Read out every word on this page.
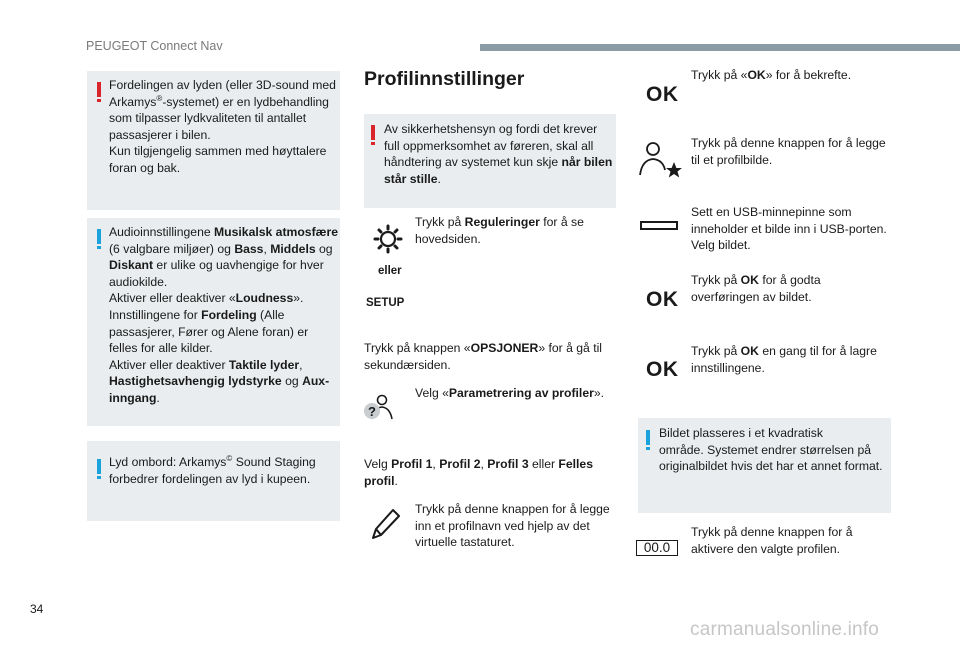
PEUGEOT Connect Nav

Fordelingen av lyden (eller 3D-sound med
Arkamys®-systemet) er en lydbehandling
som tilpasser lydkvaliteten til antallet
passasjerer i bilen.
Kun tilgjengelig sammen med høyttalere
foran og bak.

Audioinnstillingene Musikalsk atmosfære
(6 valgbare miljøer) og Bass, Middels og
Diskant er ulike og uavhengige for hver
audiokilde.
Aktiver eller deaktiver «Loudness».
Innstillingene for Fordeling (Alle
passasjerer, Fører og Alene foran) er
felles for alle kilder.
Aktiver eller deaktiver Taktile lyder,
Hastighetsavhengig lydstyrke og Aux-
inngang.

Lyd ombord: Arkamys© Sound Staging
forbedrer fordelingen av lyd i kupeen.

Profilinnstillinger

Av sikkerhetshensyn og fordi det krever
full oppmerksomhet av føreren, skal all
håndtering av systemet kun skje når bilen
står stille.

Trykk på Reguleringer for å se
hovedsiden.

eller
SETUP

Trykk på knappen «OPSJONER» for å gå til
sekundærsiden.

?

Velg «Parametrering av profiler».

Velg Profil 1, Profil 2, Profil 3 eller Felles
profil.

Trykk på denne knappen for å legge
inn et profilnavn ved hjelp av det
virtuelle tastaturet.

OK

Trykk på «OK» for å bekrefte.

Trykk på denne knappen for å legge
til et profilbilde.

Sett en USB-minnepinne som
inneholder et bilde inn i USB-porten.
Velg bildet.

OK

Trykk på OK for å godta
overføringen av bildet.

OK

Trykk på OK en gang til for å lagre
innstillingene.

Bildet plasseres i et kvadratisk
område. Systemet endrer størrelsen på
originalbildet hvis det har et annet format.

00.0

Trykk på denne knappen for å
aktivere den valgte profilen.

34
carmanualsonline.info
